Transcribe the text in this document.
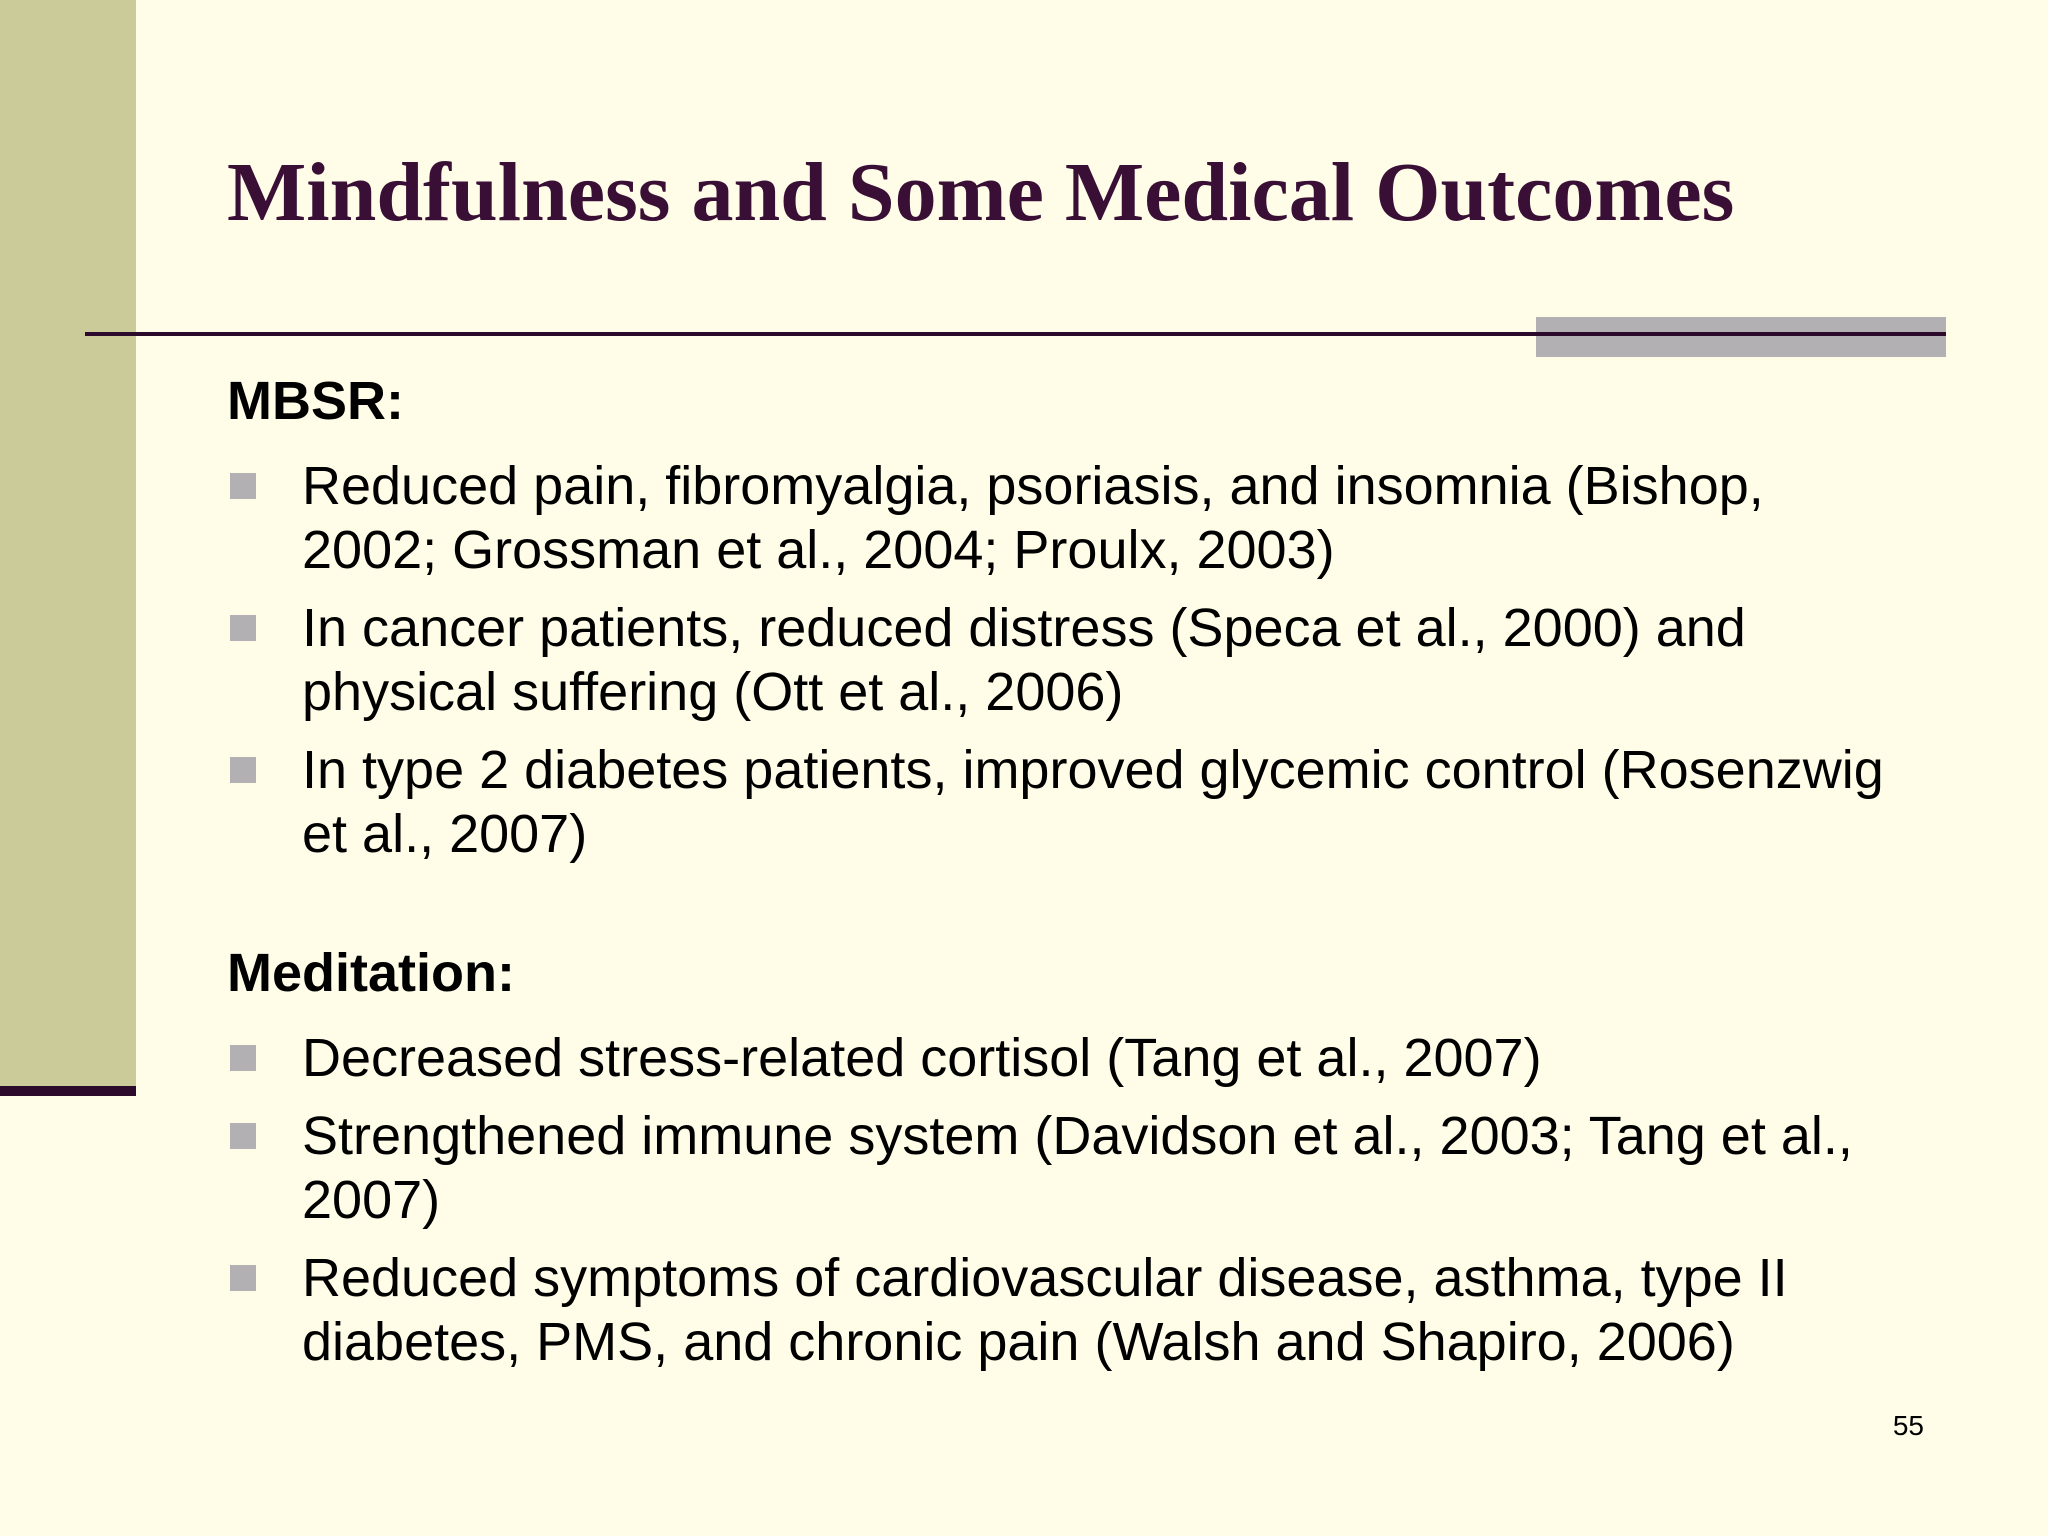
Mindfulness and Some Medical Outcomes
MBSR:
Reduced pain, fibromyalgia, psoriasis, and insomnia (Bishop, 2002; Grossman et al., 2004; Proulx, 2003)
In cancer patients, reduced distress (Speca et al., 2000) and physical suffering (Ott et al., 2006)
In type 2 diabetes patients, improved glycemic control (Rosenzwig et al., 2007)
Meditation:
Decreased stress-related cortisol (Tang et al., 2007)
Strengthened immune system (Davidson et al., 2003; Tang et al., 2007)
Reduced symptoms of cardiovascular disease, asthma, type II diabetes, PMS, and chronic pain (Walsh and Shapiro, 2006)
55
